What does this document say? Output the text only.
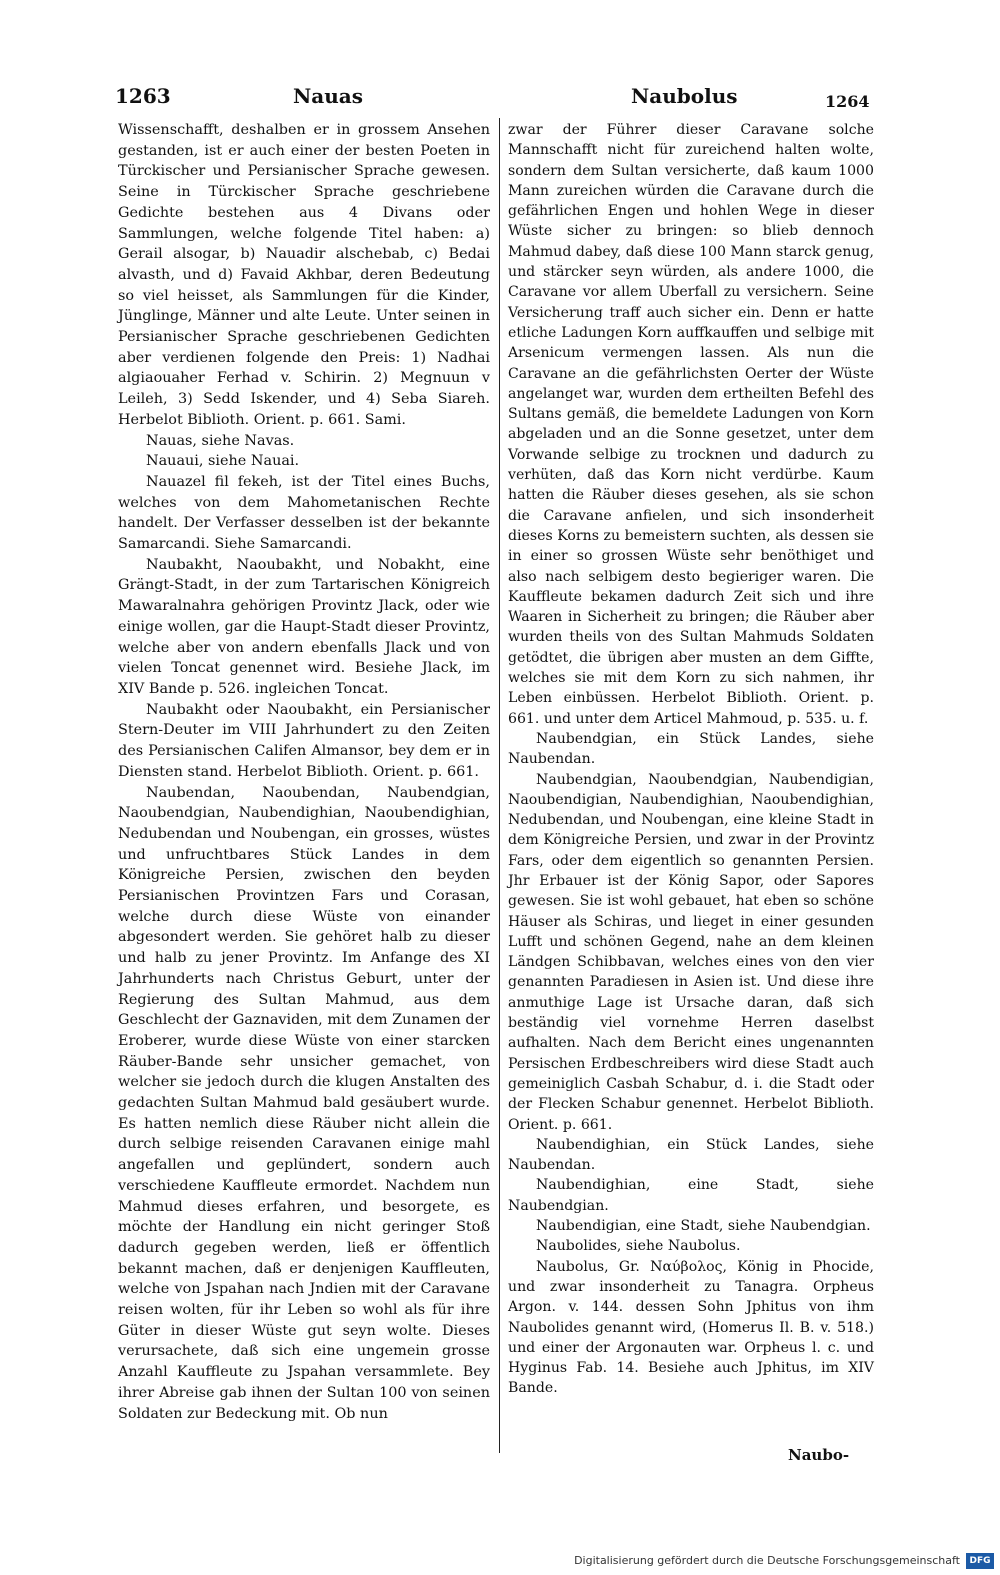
1263	Nauas	Naubolus	1264

Wissenschafft, deshalben er in grossem Ansehen gestanden, ist er auch einer der besten Poeten in Türckischer und Persianischer Sprache gewesen. Seine in Türckischer Sprache geschriebene Gedichte bestehen aus 4 Divans oder Sammlungen, welche folgende Titel haben: a) Gerail alsogar, b) Nauadir alschebab, c) Bedai alvasth, und d) Favaid Akhbar, deren Bedeutung so viel heisset, als Sammlungen für die Kinder, Jünglinge, Männer und alte Leute. Unter seinen in Persianischer Sprache geschriebenen Gedichten aber verdienen folgende den Preis: 1) Nadhai algiaouaher Ferhad v. Schirin. 2) Megnuun v Leileh, 3) Sedd Iskender, und 4) Seba Siareh. Herbelot Biblioth. Orient. p. 661. Sami.

Nauas, siehe Navas.

Nauaui, siehe Nauai.

Nauazel fil fekeh, ist der Titel eines Buchs, welches von dem Mahometanischen Rechte handelt. Der Verfasser desselben ist der bekannte Samarcandi. Siehe Samarcandi.

Naubakht, Naoubakht, und Nobakht, eine Grängt-Stadt, in der zum Tartarischen Königreich Mawaralnahra gehörigen Provintz Jlack, oder wie einige wollen, gar die Haupt-Stadt dieser Provintz, welche aber von andern ebenfalls Jlack und von vielen Toncat genennet wird. Besiehe Jlack, im XIV Bande p. 526. ingleichen Toncat.

Naubakht oder Naoubakht, ein Persianischer Stern-Deuter im VIII Jahrhundert zu den Zeiten des Persianischen Califen Almansor, bey dem er in Diensten stand. Herbelot Biblioth. Orient. p. 661.

Naubendan, Naoubendan, Naubendgian, Naoubendgian, Naubendighian, Naoubendighian, Nedubendan und Noubengan, ein grosses, wüstes und unfruchtbares Stück Landes in dem Königreiche Persien, zwischen den beyden Persianischen Provintzen Fars und Corasan, welche durch diese Wüste von einander abgesondert werden. Sie gehöret halb zu dieser und halb zu jener Provintz. Im Anfange des XI Jahrhunderts nach Christus Geburt, unter der Regierung des Sultan Mahmud, aus dem Geschlecht der Gaznaviden, mit dem Zunamen der Eroberer, wurde diese Wüste von einer starcken Räuber-Bande sehr unsicher gemachet, von welcher sie jedoch durch die klugen Anstalten des gedachten Sultan Mahmud bald gesäubert wurde. Es hatten nemlich diese Räuber nicht allein die durch selbige reisenden Caravanen einige mahl angefallen und geplündert, sondern auch verschiedene Kauffleute ermordet. Nachdem nun Mahmud dieses erfahren, und besorgete, es möchte der Handlung ein nicht geringer Stoß dadurch gegeben werden, ließ er öffentlich bekannt machen, daß er denjenigen Kauffleuten, welche von Jspahan nach Jndien mit der Caravane reisen wolten, für ihr Leben so wohl als für ihre Güter in dieser Wüste gut seyn wolte. Dieses verursachete, daß sich eine ungemein grosse Anzahl Kauffleute zu Jspahan versammlete. Bey ihrer Abreise gab ihnen der Sultan 100 von seinen Soldaten zur Bedeckung mit. Ob nun

zwar der Führer dieser Caravane solche Mannschafft nicht für zureichend halten wolte, sondern dem Sultan versicherte, daß kaum 1000 Mann zureichen würden die Caravane durch die gefährlichen Engen und hohlen Wege in dieser Wüste sicher zu bringen: so blieb dennoch Mahmud dabey, daß diese 100 Mann starck genug, und stärcker seyn würden, als andere 1000, die Caravane vor allem Uberfall zu versichern. Seine Versicherung traff auch sicher ein. Denn er hatte etliche Ladungen Korn auffkauffen und selbige mit Arsenicum vermengen lassen. Als nun die Caravane an die gefährlichsten Oerter der Wüste angelanget war, wurden dem ertheilten Befehl des Sultans gemäß, die bemeldete Ladungen von Korn abgeladen und an die Sonne gesetzet, unter dem Vorwande selbige zu trocknen und dadurch zu verhüten, daß das Korn nicht verdürbe. Kaum hatten die Räuber dieses gesehen, als sie schon die Caravane anfielen, und sich insonderheit dieses Korns zu bemeistern suchten, als dessen sie in einer so grossen Wüste sehr benöthiget und also nach selbigem desto begieriger waren. Die Kauffleute bekamen dadurch Zeit sich und ihre Waaren in Sicherheit zu bringen; die Räuber aber wurden theils von des Sultan Mahmuds Soldaten getödtet, die übrigen aber musten an dem Giffte, welches sie mit dem Korn zu sich nahmen, ihr Leben einbüssen. Herbelot Biblioth. Orient. p. 661. und unter dem Articel Mahmoud, p. 535. u. f.

Naubendgian, ein Stück Landes, siehe Naubendan.

Naubendgian, Naoubendgian, Naubendigian, Naoubendigian, Naubendighian, Naoubendighian, Nedubendan, und Noubengan, eine kleine Stadt in dem Königreiche Persien, und zwar in der Provintz Fars, oder dem eigentlich so genannten Persien. Jhr Erbauer ist der König Sapor, oder Sapores gewesen. Sie ist wohl gebauet, hat eben so schöne Häuser als Schiras, und lieget in einer gesunden Lufft und schönen Gegend, nahe an dem kleinen Ländgen Schibbavan, welches eines von den vier genannten Paradiesen in Asien ist. Und diese ihre anmuthige Lage ist Ursache daran, daß sich beständig viel vornehme Herren daselbst aufhalten. Nach dem Bericht eines ungenannten Persischen Erdbeschreibers wird diese Stadt auch gemeiniglich Casbah Schabur, d. i. die Stadt oder der Flecken Schabur genennet. Herbelot Biblioth. Orient. p. 661.

Naubendighian, ein Stück Landes, siehe Naubendan.

Naubendighian, eine Stadt, siehe Naubendgian.

Naubendigian, eine Stadt, siehe Naubendgian.

Naubolides, siehe Naubolus.

Naubolus, Gr. Ναύβολος, König in Phocide, und zwar insonderheit zu Tanagra. Orpheus Argon. v. 144. dessen Sohn Jphitus von ihm Naubolides genannt wird, (Homerus Il. B. v. 518.) und einer der Argonauten war. Orpheus l. c. und Hyginus Fab. 14. Besiehe auch Jphitus, im XIV Bande.

Naubo-
Digitalisierung gefördert durch die Deutsche Forschungsgemeinschaft	DFG
